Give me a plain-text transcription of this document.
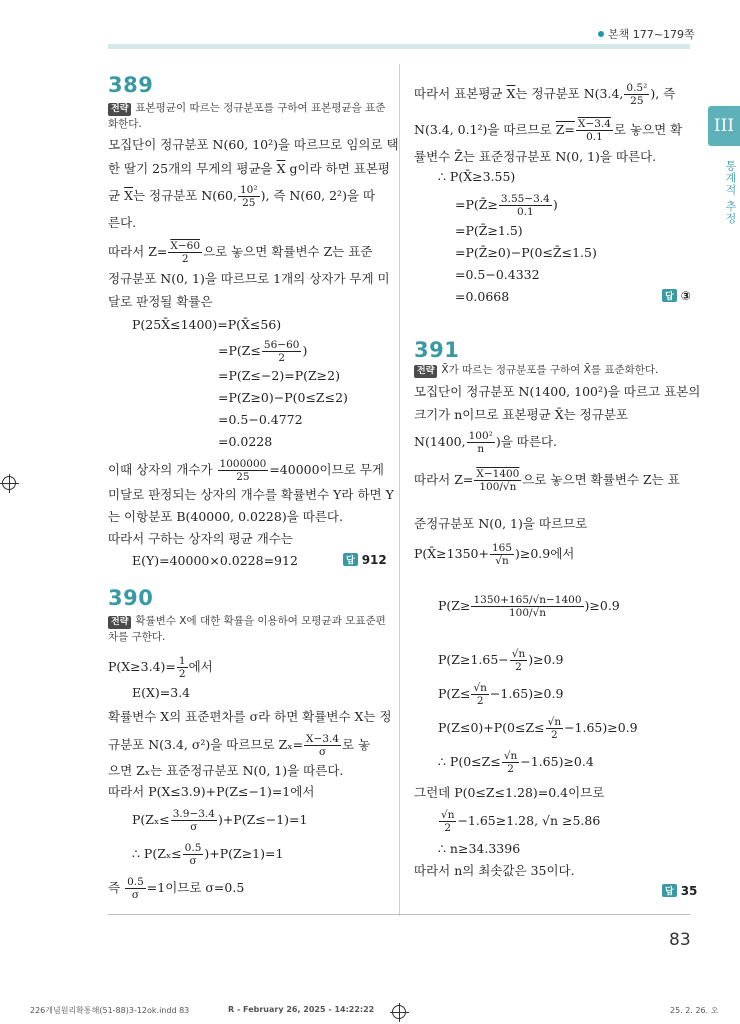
본책 177~179쪽
III
통계적 추정
389
전략 표본평균이 따르는 정규분포를 구하여 표본평균을 표준화한다.
모집단이 정규분포 N(60, 10²)을 따르므로 임의로 택
한 딸기 25개의 무게의 평균을 $\overline{X}$ g이라 하면 표본평
균 $\overline{X}$는 정규분포 N(60, $\frac{\text{10²}}{25}$ ), 즉 N(60, 2²)을 따
른다.
따라서 $Z= \frac{X-60}{2}$ 으로 놓으면 확률변수 Z는 표준
정규분포 N(0, 1)을 따르므로 1개의 상자가 무게 미
달로 판정될 확률은
P(25X̄≤1400)=P(X̄≤56)
$=P(Z\le \frac{56-60}{2}$ )
=P(Z≤−2)=P(Z≥2)
=P(Z≥0)−P(0≤Z≤2)
=0.5−0.4772
=0.0228
이때 상자의 개수가 $\frac{1000000}{25} =40000$이므로 무게
미달로 판정되는 상자의 개수를 확률변수 Y라 하면 Y
는 이항분포 B(40000, 0.0228)을 따른다.
따라서 구하는 상자의 평균 개수는
E(Y)=40000×0.0228=912	답 912
390
전략 확률변수 X에 대한 확률을 이용하여 모평균과 모표준편차를 구한다.
$P(X\ge 3.4)= \frac{1}{2}$ 에서
E(X)=3.4
확률변수 X의 표준편차를 σ라 하면 확률변수 X는 정
규분포 N(3.4, σ²)을 따르므로 $Z_x= \frac{X-3.4}{\sigma}$ 로 놓
으면 Zₓ는 표준정규분포 N(0, 1)을 따른다.
따라서 P(X≤3.9)+P(Z≤−1)=1에서
$P(Z_x\le \frac{3.9-3.4}{\sigma} )+P(Z\le-1)=1$
∴ $P(Z_x\le \frac{0.5}{\sigma} )+P(Z\ge 1)=1$
즉 $\frac{0.5}{\sigma} =1$이므로 σ=0.5
따라서 표본평균 $\overline{X}$는 정규분포 N(3.4, $\frac{\text{0.5²}}{25}$ ), 즉
N(3.4, 0.1²)을 따르므로 $Z= \frac{X-3.4}{0.1}$ 로 놓으면 확
률변수 Z̄는 표준정규분포 N(0, 1)을 따른다.
∴ P(X̄≥3.55)
=P(Z̄≥ $\frac{3.55-3.4}{0.1}$ )
=P(Z̄≥1.5)
=P(Z̄≥0)−P(0≤Z̄≤1.5)
=0.5−0.4332
=0.0668	답 ③
391
전략 X̄가 따르는 정규분포를 구하여 X̄를 표준화한다.
모집단이 정규분포 N(1400, 100²)을 따르고 표본의
크기가 n이므로 표본평균 X̄는 정규분포
N(1400, $\frac{\text{100²}}{n}$ )을 따른다.
따라서 $Z= \frac{X-1400}{100/√n}$ 으로 놓으면 확률변수 Z는 표
준정규분포 N(0, 1)을 따르므로
P(X̄≥1350+ $\frac{165}{√n} )\ge 0.9$에서
$P(Z\ge \frac{1350+165/√n-1400}{100/√n} )\ge 0.9$
$P(Z\ge 1.65- \frac{√n}{2} )\ge 0.9$
$P(Z\le \frac{√n}{2} -1.65)\ge 0.9$
$P(Z\le 0)+P(0\le Z\le \frac{√n}{2} -1.65)\ge 0.9$
∴ $P(0\le Z\le \frac{√n}{2} -1.65)\ge 0.4$
그런데 P(0≤Z≤1.28)=0.4이므로
$\frac{√n}{2} -1.65\ge 1.28$, √n ≥5.86
∴ n≥34.3396
따라서 n의 최솟값은 35이다.
답 35
83
226개념원리확통해(51-88)3-12ok.indd 83	R - February 26, 2025 - 14:22:22	25. 2. 26. 오
